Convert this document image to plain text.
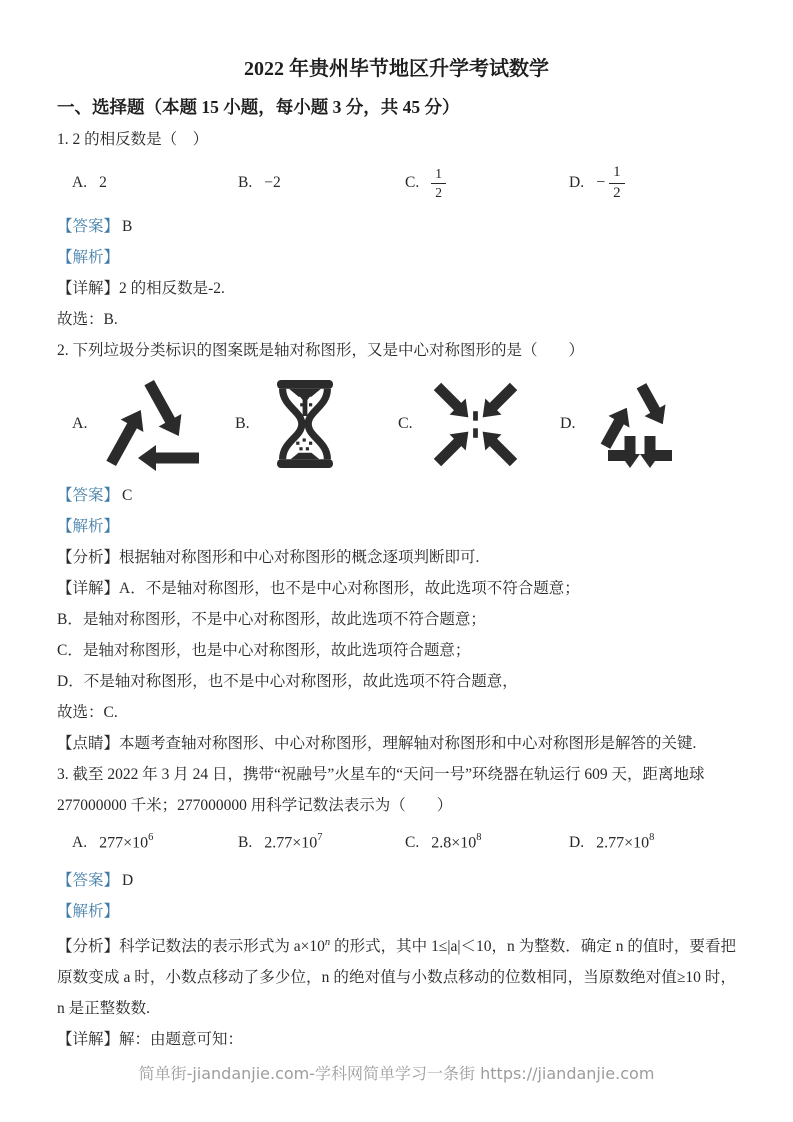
2022 年贵州毕节地区升学考试数学
一、选择题（本题 15 小题，每小题 3 分，共 45 分）

1. 2 的相反数是（　）

A. 2	B. −2	C. $\frac{1}{2}$	D. − $\frac{1}{2}$

【答案】 B

【解析】

【详解】2 的相反数是-2.

故选：B.

2. 下列垃圾分类标识的图案既是轴对称图形，又是中心对称图形的是（　　）

A.	B.	C.	D.

【答案】 C

【解析】

【分析】根据轴对称图形和中心对称图形的概念逐项判断即可.

【详解】A．不是轴对称图形，也不是中心对称图形，故此选项不符合题意；

B．是轴对称图形，不是中心对称图形，故此选项不符合题意；

C．是轴对称图形，也是中心对称图形，故此选项符合题意；

D．不是轴对称图形，也不是中心对称图形，故此选项不符合题意，

故选：C.

【点睛】本题考查轴对称图形、中心对称图形，理解轴对称图形和中心对称图形是解答的关键.

3. 截至 2022 年 3 月 24 日，携带“祝融号”火星车的“天问一号”环绕器在轨运行 609 天，距离地球
277000000 千米；277000000 用科学记数法表示为（　　）

A. $277\times 10^6$	B. $2.77\times 10^7$	C. $2.8\times 10^8$	D. $2.77\times 10^8$

【答案】 D

【解析】

【分析】科学记数法的表示形式为 $a\times 10^n$ 的形式，其中 1≤|a|＜10，n 为整数．确定 n 的值时，要看把原数变成 a 时，小数点移动了多少位，n 的绝对值与小数点移动的位数相同，当原数绝对值≥10 时，n 是正整数数.

【详解】解：由题意可知：

简单街-jiandanjie.com-学科网简单学习一条街 https://jiandanjie.com
